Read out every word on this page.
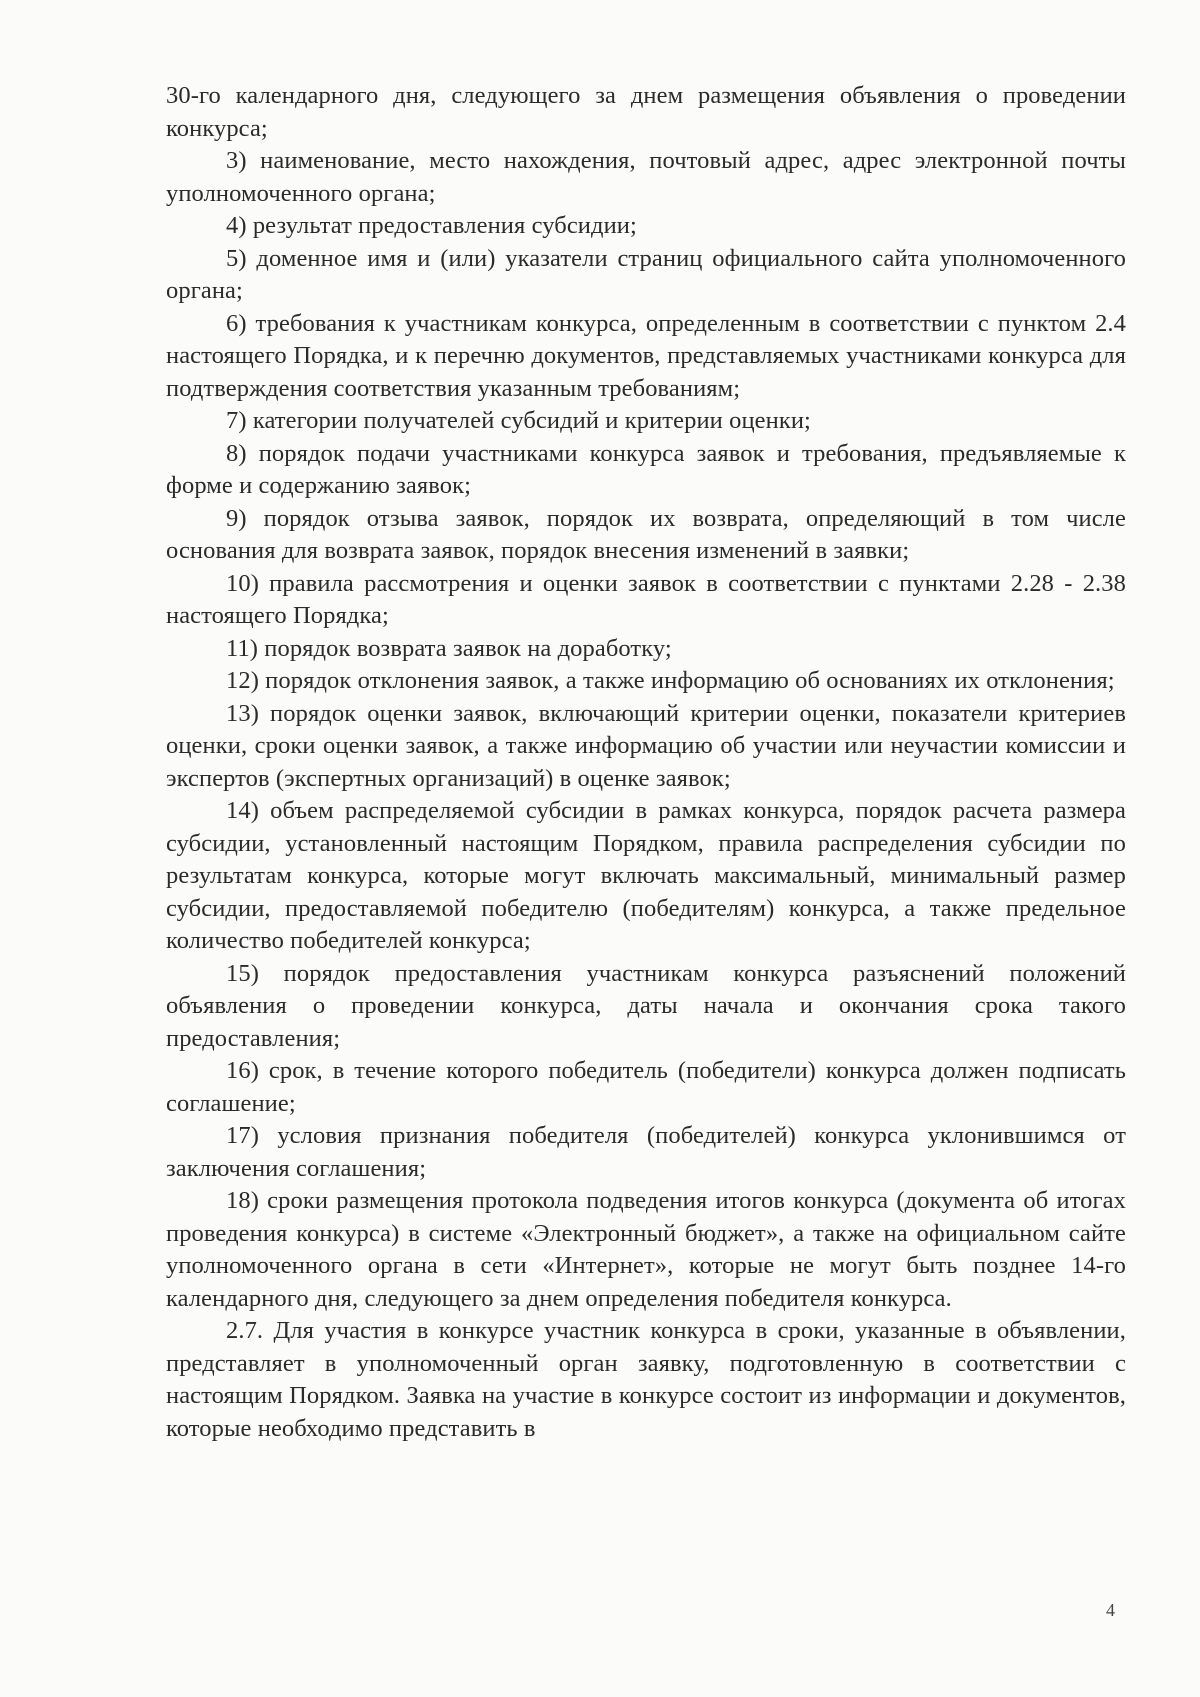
30-го календарного дня, следующего за днем размещения объявления о проведении конкурса;

3) наименование, место нахождения, почтовый адрес, адрес электронной почты уполномоченного органа;

4) результат предоставления субсидии;

5) доменное имя и (или) указатели страниц официального сайта уполномоченного органа;

6) требования к участникам конкурса, определенным в соответствии с пунктом 2.4 настоящего Порядка, и к перечню документов, представляемых участниками конкурса для подтверждения соответствия указанным требованиям;

7) категории получателей субсидий и критерии оценки;

8) порядок подачи участниками конкурса заявок и требования, предъявляемые к форме и содержанию заявок;

9) порядок отзыва заявок, порядок их возврата, определяющий в том числе основания для возврата заявок, порядок внесения изменений в заявки;

10) правила рассмотрения и оценки заявок в соответствии с пунктами 2.28 - 2.38 настоящего Порядка;

11) порядок возврата заявок на доработку;

12) порядок отклонения заявок, а также информацию об основаниях их отклонения;

13) порядок оценки заявок, включающий критерии оценки, показатели критериев оценки, сроки оценки заявок, а также информацию об участии или неучастии комиссии и экспертов (экспертных организаций) в оценке заявок;

14) объем распределяемой субсидии в рамках конкурса, порядок расчета размера субсидии, установленный настоящим Порядком, правила распределения субсидии по результатам конкурса, которые могут включать максимальный, минимальный размер субсидии, предоставляемой победителю (победителям) конкурса, а также предельное количество победителей конкурса;

15) порядок предоставления участникам конкурса разъяснений положений объявления о проведении конкурса, даты начала и окончания срока такого предоставления;

16) срок, в течение которого победитель (победители) конкурса должен подписать соглашение;

17) условия признания победителя (победителей) конкурса уклонившимся от заключения соглашения;

18) сроки размещения протокола подведения итогов конкурса (документа об итогах проведения конкурса) в системе «Электронный бюджет», а также на официальном сайте уполномоченного органа в сети «Интернет», которые не могут быть позднее 14-го календарного дня, следующего за днем определения победителя конкурса.

2.7. Для участия в конкурсе участник конкурса в сроки, указанные в объявлении, представляет в уполномоченный орган заявку, подготовленную в соответствии с настоящим Порядком. Заявка на участие в конкурсе состоит из информации и документов, которые необходимо представить в

4
